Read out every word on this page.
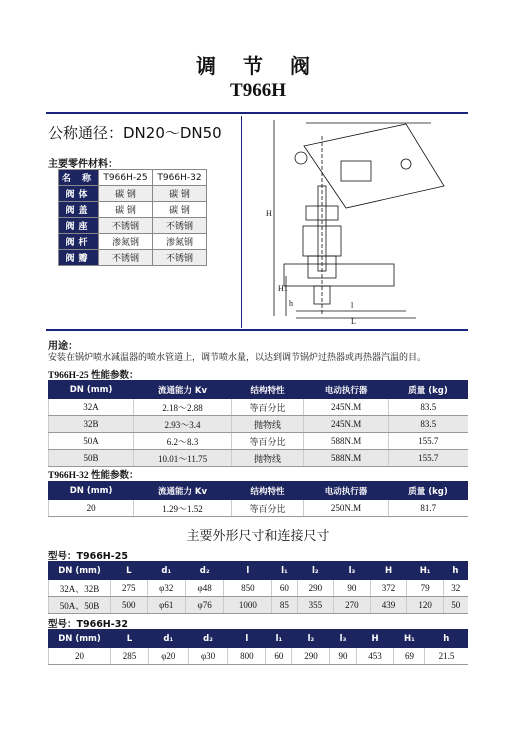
调 节 阀
T966H
公称通径：DN20～DN50
主要零件材料：
名 称	T966H-25	T966H-32
阀体	碳 钢	碳 钢
阀盖	碳 钢	碳 钢
阀座	不锈钢	不锈钢
阀杆	渗氮钢	渗氮钢
阀瓣	不锈钢	不锈钢
H
H1
l
L
h
用途：
安装在锅炉喷水减温器的喷水管道上，调节喷水量，以达到调节锅炉过热器或再热器汽温的目。
T966H-25 性能参数：
DN (mm)	流通能力 Kv	结构特性	电动执行器	质量 (kg)
32A	2.18～2.88	等百分比	245N.M	83.5
32B	2.93～3.4	抛物线	245N.M	83.5
50A	6.2～8.3	等百分比	588N.M	155.7
50B	10.01～11.75	抛物线	588N.M	155.7
T966H-32 性能参数：
DN (mm)	流通能力 Kv	结构特性	电动执行器	质量 (kg)
20	1.29～1.52	等百分比	250N.M	81.7
主要外形尺寸和连接尺寸
型号：T966H-25
DN (mm)	L	d₁	d₂	l	l₁	l₂	l₃	H	H₁	h
32A、32B	275	φ32	φ48	850	60	290	90	372	79	32
50A、50B	500	φ61	φ76	1000	85	355	270	439	120	50
型号：T966H-32
DN (mm)	L	d₁	d₂	l	l₁	l₂	l₃	H	H₁	h
20	285	φ20	φ30	800	60	290	90	453	69	21.5
